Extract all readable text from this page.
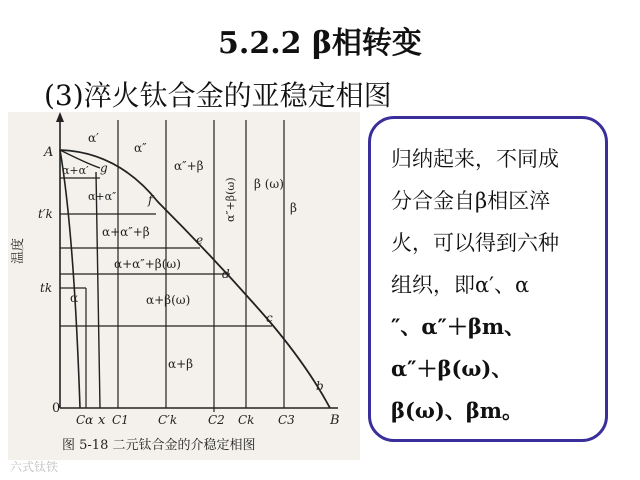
5.2.2 β相转变
(3)淬火钛合金的亚稳定相图
A
t′k
tk
温度
0
B
x
Cα C1 C′k	C2 Ck C3
g
f
e
d
c
b
α′
α″
α″+β
α″+β(ω) β (ω)
β
α+α′
α+α″
α+α″+β
α+α″+β(ω)
α+β(ω)
α
α+β
图 5-18 二元钛合金的介稳定相图
归纳起来，不同成
分合金自β相区淬
火，可以得到六种
组织，即α′、α
″、α″＋βm、
α″＋β(ω)、
β(ω)、βm。
六式钛铁
